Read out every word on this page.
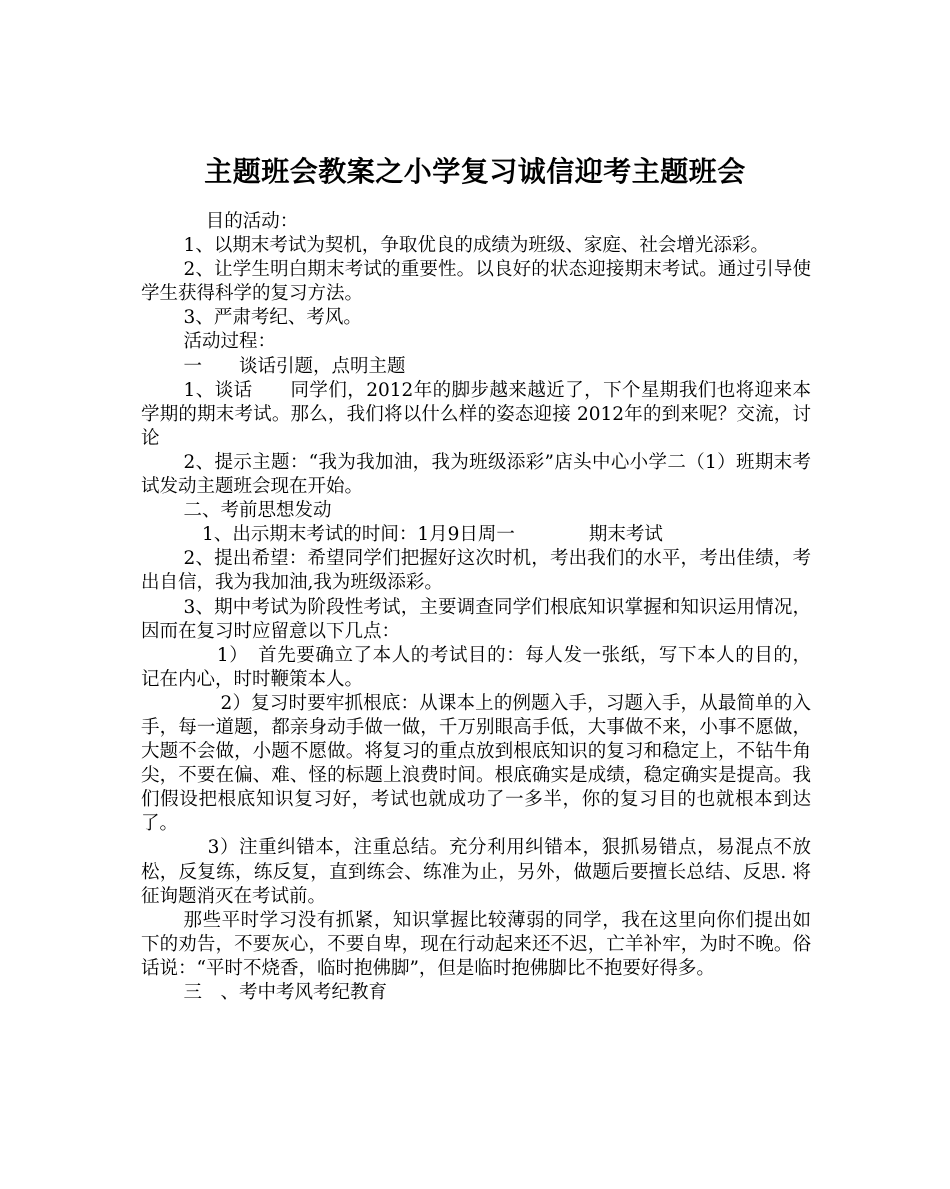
主题班会教案之小学复习诚信迎考主题班会

目的活动：

1、以期末考试为契机，争取优良的成绩为班级、家庭、社会增光添彩。

2、让学生明白期末考试的重要性。以良好的状态迎接期末考试。通过引导使学生获得科学的复习方法。

3、严肃考纪、考风。

活动过程：

一　　谈话引题，点明主题

1、谈话　　同学们，2012年的脚步越来越近了，下个星期我们也将迎来本学期的期末考试。那么，我们将以什么样的姿态迎接 2012年的到来呢？交流，讨论

2、提示主题：“我为我加油，我为班级添彩”店头中心小学二（1）班期末考试发动主题班会现在开始。

二、考前思想发动

1、出示期末考试的时间：1月9日周一　　　　期末考试

2、提出希望：希望同学们把握好这次时机，考出我们的水平，考出佳绩，考出自信，我为我加油,我为班级添彩。

3、期中考试为阶段性考试，主要调查同学们根底知识掌握和知识运用情况，因而在复习时应留意以下几点：

1）　首先要确立了本人的考试目的：每人发一张纸，写下本人的目的，记在内心，时时鞭策本人。

2）复习时要牢抓根底：从课本上的例题入手，习题入手，从最简单的入手，每一道题，都亲身动手做一做，千万别眼高手低，大事做不来，小事不愿做，大题不会做，小题不愿做。将复习的重点放到根底知识的复习和稳定上，不钻牛角尖，不要在偏、难、怪的标题上浪费时间。根底确实是成绩，稳定确实是提高。我们假设把根底知识复习好，考试也就成功了一多半，你的复习目的也就根本到达了。

3）注重纠错本，注重总结。充分利用纠错本，狠抓易错点，易混点不放松，反复练，练反复，直到练会、练准为止，另外，做题后要擅长总结、反思. 将征询题消灭在考试前。

那些平时学习没有抓紧，知识掌握比较薄弱的同学，我在这里向你们提出如下的劝告，不要灰心，不要自卑，现在行动起来还不迟，亡羊补牢，为时不晚。俗话说：“平时不烧香，临时抱佛脚”，但是临时抱佛脚比不抱要好得多。

三　、考中考风考纪教育
